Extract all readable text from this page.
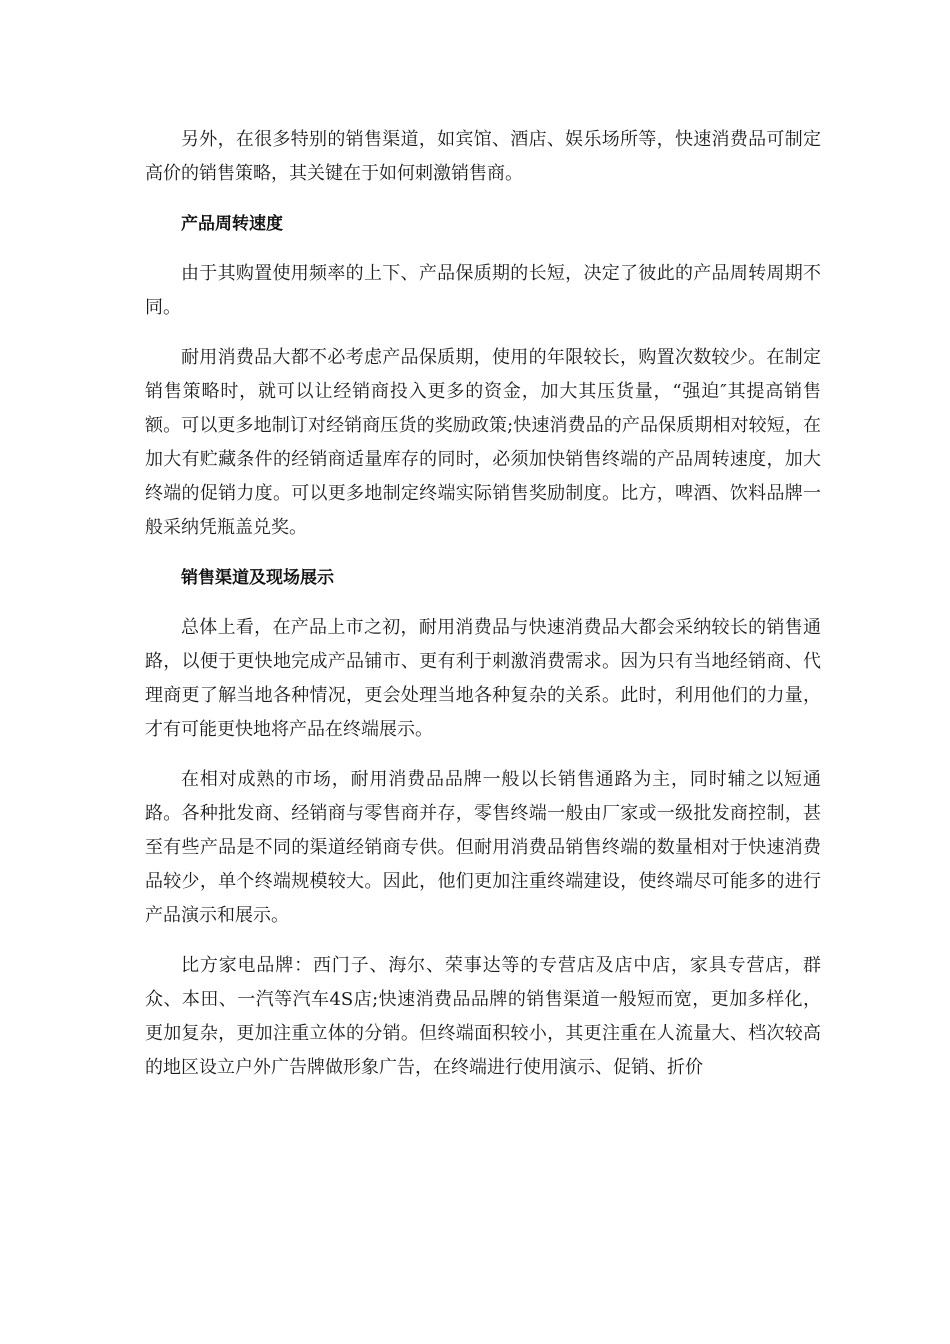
另外，在很多特别的销售渠道，如宾馆、酒店、娱乐场所等，快速消费品可制定高价的销售策略，其关键在于如何刺激销售商。

产品周转速度

由于其购置使用频率的上下、产品保质期的长短，决定了彼此的产品周转周期不同。

耐用消费品大都不必考虑产品保质期，使用的年限较长，购置次数较少。在制定销售策略时，就可以让经销商投入更多的资金，加大其压货量，“强迫″其提高销售额。可以更多地制订对经销商压货的奖励政策;快速消费品的产品保质期相对较短，在加大有贮藏条件的经销商适量库存的同时，必须加快销售终端的产品周转速度，加大终端的促销力度。可以更多地制定终端实际销售奖励制度。比方，啤酒、饮料品牌一般采纳凭瓶盖兑奖。

销售渠道及现场展示

总体上看，在产品上市之初，耐用消费品与快速消费品大都会采纳较长的销售通路，以便于更快地完成产品铺市、更有利于刺激消费需求。因为只有当地经销商、代理商更了解当地各种情况，更会处理当地各种复杂的关系。此时，利用他们的力量，才有可能更快地将产品在终端展示。

在相对成熟的市场，耐用消费品品牌一般以长销售通路为主，同时辅之以短通路。各种批发商、经销商与零售商并存，零售终端一般由厂家或一级批发商控制，甚至有些产品是不同的渠道经销商专供。但耐用消费品销售终端的数量相对于快速消费品较少，单个终端规模较大。因此，他们更加注重终端建设，使终端尽可能多的进行产品演示和展示。

比方家电品牌：西门子、海尔、荣事达等的专营店及店中店，家具专营店，群众、本田、一汽等汽车4S店;快速消费品品牌的销售渠道一般短而宽，更加多样化，更加复杂，更加注重立体的分销。但终端面积较小，其更注重在人流量大、档次较高的地区设立户外广告牌做形象广告，在终端进行使用演示、促销、折价
